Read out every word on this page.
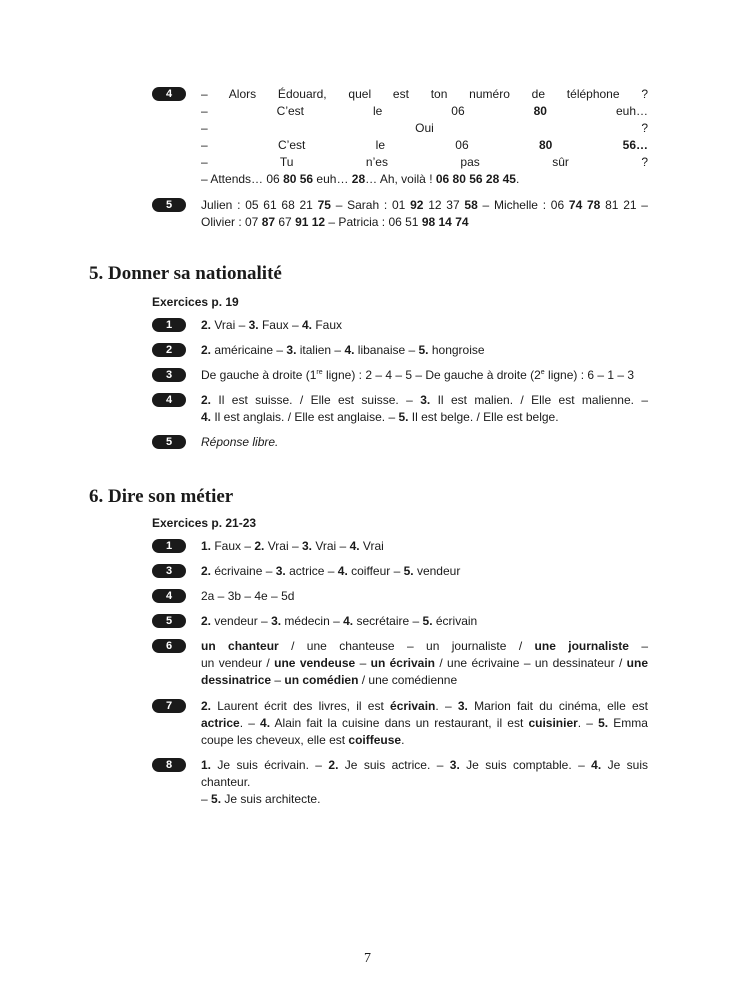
4	– Alors Édouard, quel est ton numéro de téléphone ?
– C’est le 06 80 euh…
– Oui ?
– C’est le 06 80 56…
– Tu n’es pas sûr ?
– Attends… 06 80 56 euh… 28… Ah, voilà ! 06 80 56 28 45.
5	Julien : 05 61 68 21 75 – Sarah : 01 92 12 37 58 – Michelle : 06 74 78 81 21 –
Olivier : 07 87 67 91 12 – Patricia : 06 51 98 14 74
5. Donner sa nationalité
Exercices p. 19
1	2. Vrai – 3. Faux – 4. Faux
2	2. américaine – 3. italien – 4. libanaise – 5. hongroise
3	De gauche à droite (1re ligne) : 2 – 4 – 5 – De gauche à droite (2e ligne) : 6 – 1 – 3
4	2. Il est suisse. / Elle est suisse. – 3. Il est malien. / Elle est malienne. –
4. Il est anglais. / Elle est anglaise. – 5. Il est belge. / Elle est belge.
5	Réponse libre.
6. Dire son métier
Exercices p. 21-23
1	1. Faux – 2. Vrai – 3. Vrai – 4. Vrai
3	2. écrivaine – 3. actrice – 4. coiffeur – 5. vendeur
4	2a – 3b – 4e – 5d
5	2. vendeur – 3. médecin – 4. secrétaire – 5. écrivain
6	un chanteur / une chanteuse – un journaliste / une journaliste –
un vendeur / une vendeuse – un écrivain / une écrivaine – un dessinateur / une
dessinatrice – un comédien / une comédienne
7	2. Laurent écrit des livres, il est écrivain. – 3. Marion fait du cinéma, elle est
actrice. – 4. Alain fait la cuisine dans un restaurant, il est cuisinier. – 5. Emma
coupe les cheveux, elle est coiffeuse.
8	1. Je suis écrivain. – 2. Je suis actrice. – 3. Je suis comptable. – 4. Je suis chanteur.
– 5. Je suis architecte.
7
